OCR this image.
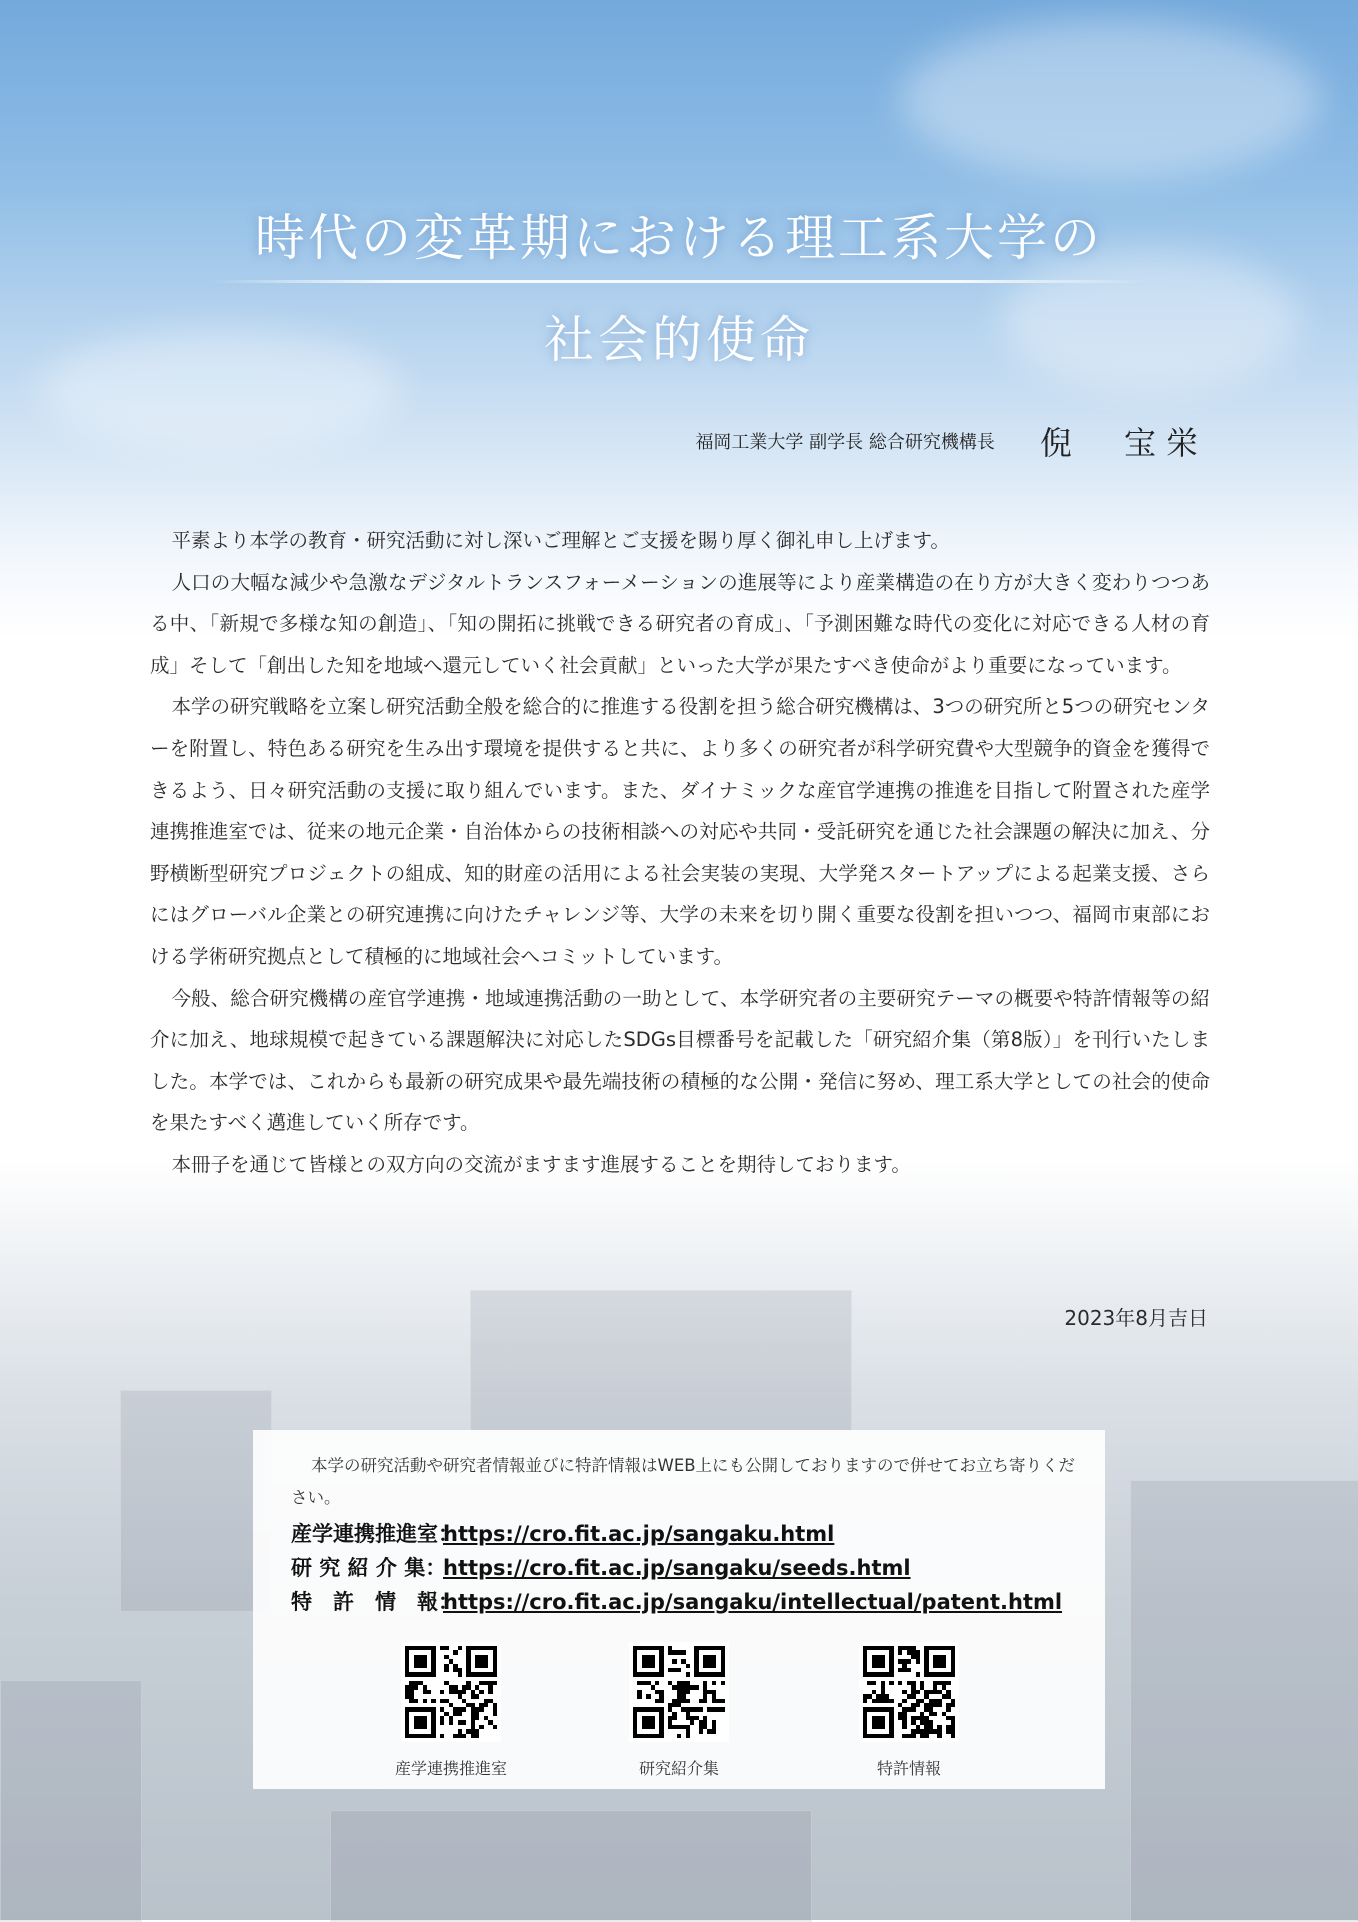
時代の変革期における理工系大学の
社会的使命
福岡工業大学 副学長 総合研究機構長 倪　宝栄

平素より本学の教育・研究活動に対し深いご理解とご支援を賜り厚く御礼申し上げます。

人口の大幅な減少や急激なデジタルトランスフォーメーションの進展等により産業構造の在り方が大きく変わりつつある中、「新規で多様な知の創造」、「知の開拓に挑戦できる研究者の育成」、「予測困難な時代の変化に対応できる人材の育成」そして「創出した知を地域へ還元していく社会貢献」といった大学が果たすべき使命がより重要になっています。

本学の研究戦略を立案し研究活動全般を総合的に推進する役割を担う総合研究機構は、3つの研究所と5つの研究センターを附置し、特色ある研究を生み出す環境を提供すると共に、より多くの研究者が科学研究費や大型競争的資金を獲得できるよう、日々研究活動の支援に取り組んでいます。また、ダイナミックな産官学連携の推進を目指して附置された産学連携推進室では、従来の地元企業・自治体からの技術相談への対応や共同・受託研究を通じた社会課題の解決に加え、分野横断型研究プロジェクトの組成、知的財産の活用による社会実装の実現、大学発スタートアップによる起業支援、さらにはグローバル企業との研究連携に向けたチャレンジ等、大学の未来を切り開く重要な役割を担いつつ、福岡市東部における学術研究拠点として積極的に地域社会へコミットしています。

今般、総合研究機構の産官学連携・地域連携活動の一助として、本学研究者の主要研究テーマの概要や特許情報等の紹介に加え、地球規模で起きている課題解決に対応したSDGs目標番号を記載した「研究紹介集（第8版）」を刊行いたしました。本学では、これからも最新の研究成果や最先端技術の積極的な公開・発信に努め、理工系大学としての社会的使命を果たすべく邁進していく所存です。

本冊子を通じて皆様との双方向の交流がますます進展することを期待しております。

2023年8月吉日
本学の研究活動や研究者情報並びに特許情報はWEB上にも公開しておりますので併せてお立ち寄りください。
産学連携推進室：https://cro.fit.ac.jp/sangaku.html
研 究 紹 介 集：https://cro.fit.ac.jp/sangaku/seeds.html
特　許　情　報：https://cro.fit.ac.jp/sangaku/intellectual/patent.html
産学連携推進室	研究紹介集	特許情報
